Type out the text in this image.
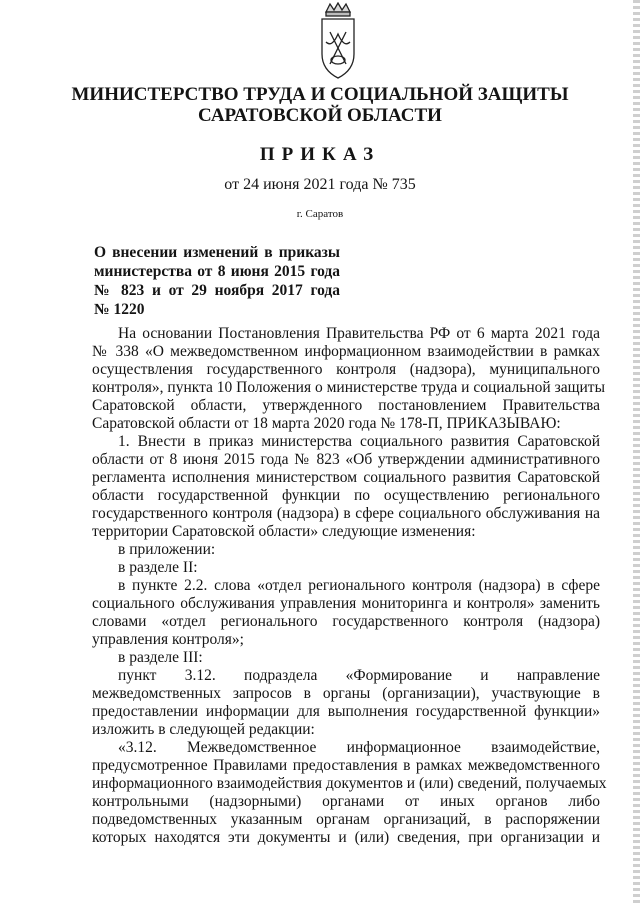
МИНИСТЕРСТВО ТРУДА И СОЦИАЛЬНОЙ ЗАЩИТЫ
САРАТОВСКОЙ ОБЛАСТИ
ПРИКАЗ
от 24 июня 2021 года № 735
г. Саратов
О внесении изменений в приказы
министерства от 8 июня 2015 года
№ 823 и от 29 ноября 2017 года
№ 1220
На основании Постановления Правительства РФ от 6 марта 2021 года
№ 338 «О межведомственном информационном взаимодействии в рамках
осуществления государственного контроля (надзора), муниципального
контроля», пункта 10 Положения о министерстве труда и социальной защиты
Саратовской области, утвержденного постановлением Правительства
Саратовской области от 18 марта 2020 года № 178-П, ПРИКАЗЫВАЮ:
1. Внести в приказ министерства социального развития Саратовской
области от 8 июня 2015 года № 823 «Об утверждении административного
регламента исполнения министерством социального развития Саратовской
области государственной функции по осуществлению регионального
государственного контроля (надзора) в сфере социального обслуживания на
территории Саратовской области» следующие изменения:
в приложении:
в разделе II:
в пункте 2.2. слова «отдел регионального контроля (надзора) в сфере
социального обслуживания управления мониторинга и контроля» заменить
словами «отдел регионального государственного контроля (надзора)
управления контроля»;
в разделе III:
пункт 3.12. подраздела «Формирование и направление
межведомственных запросов в органы (организации), участвующие в
предоставлении информации для выполнения государственной функции»
изложить в следующей редакции:
«3.12. Межведомственное информационное взаимодействие,
предусмотренное Правилами предоставления в рамках межведомственного
информационного взаимодействия документов и (или) сведений, получаемых
контрольными (надзорными) органами от иных органов либо
подведомственных указанным органам организаций, в распоряжении
которых находятся эти документы и (или) сведения, при организации и
